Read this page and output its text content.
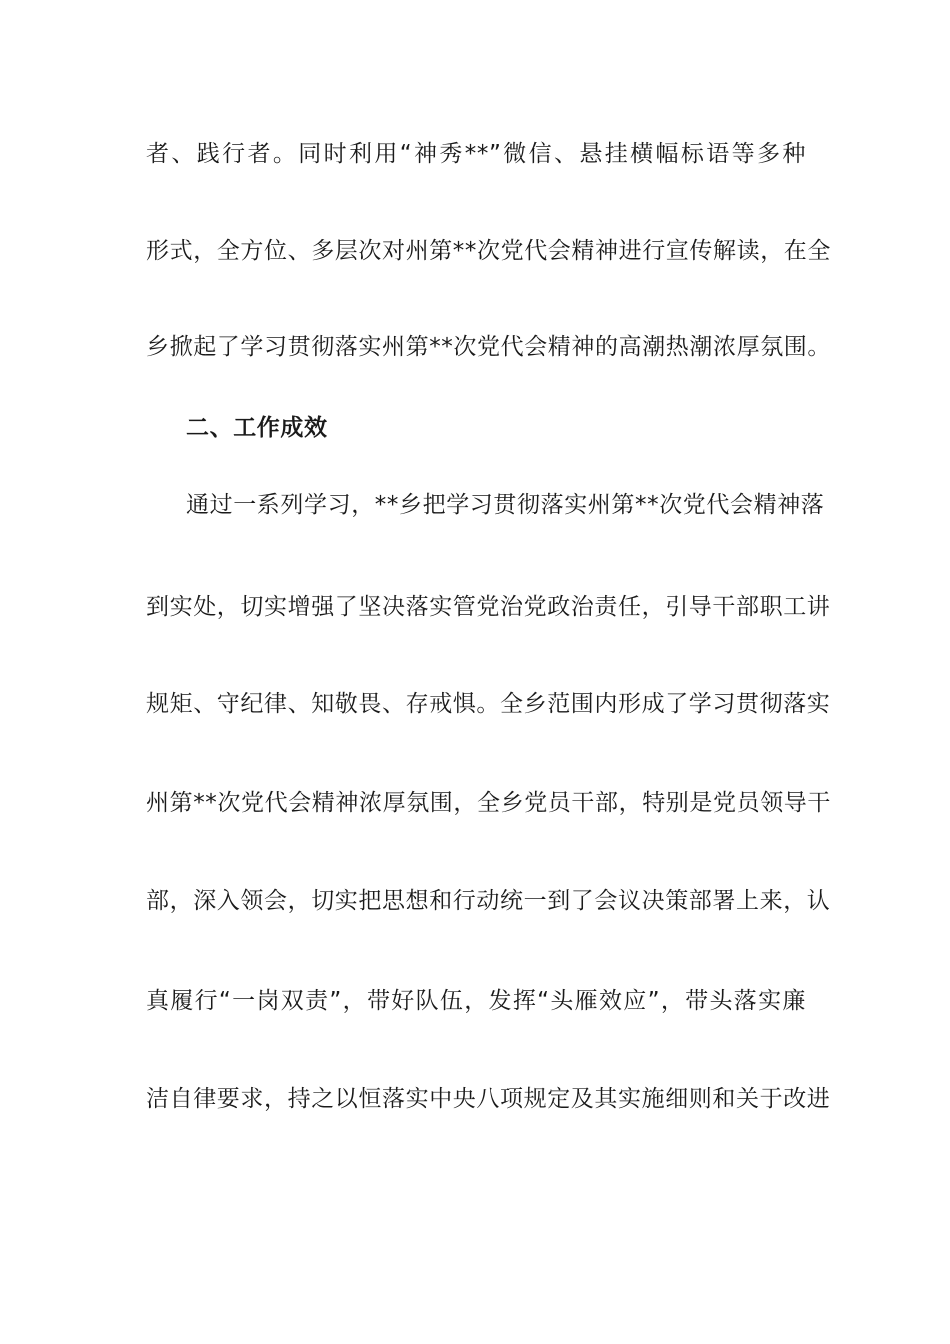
者、践行者。同时利用“神秀**”微信、悬挂横幅标语等多种
形式，全方位、多层次对州第**次党代会精神进行宣传解读，在全
乡掀起了学习贯彻落实州第**次党代会精神的高潮热潮浓厚氛围。
二、工作成效
通过一系列学习，**乡把学习贯彻落实州第**次党代会精神落
到实处，切实增强了坚决落实管党治党政治责任，引导干部职工讲
规矩、守纪律、知敬畏、存戒惧。全乡范围内形成了学习贯彻落实
州第**次党代会精神浓厚氛围，全乡党员干部，特别是党员领导干
部，深入领会，切实把思想和行动统一到了会议决策部署上来，认
真履行“一岗双责”，带好队伍，发挥“头雁效应”，带头落实廉
洁自律要求，持之以恒落实中央八项规定及其实施细则和关于改进
